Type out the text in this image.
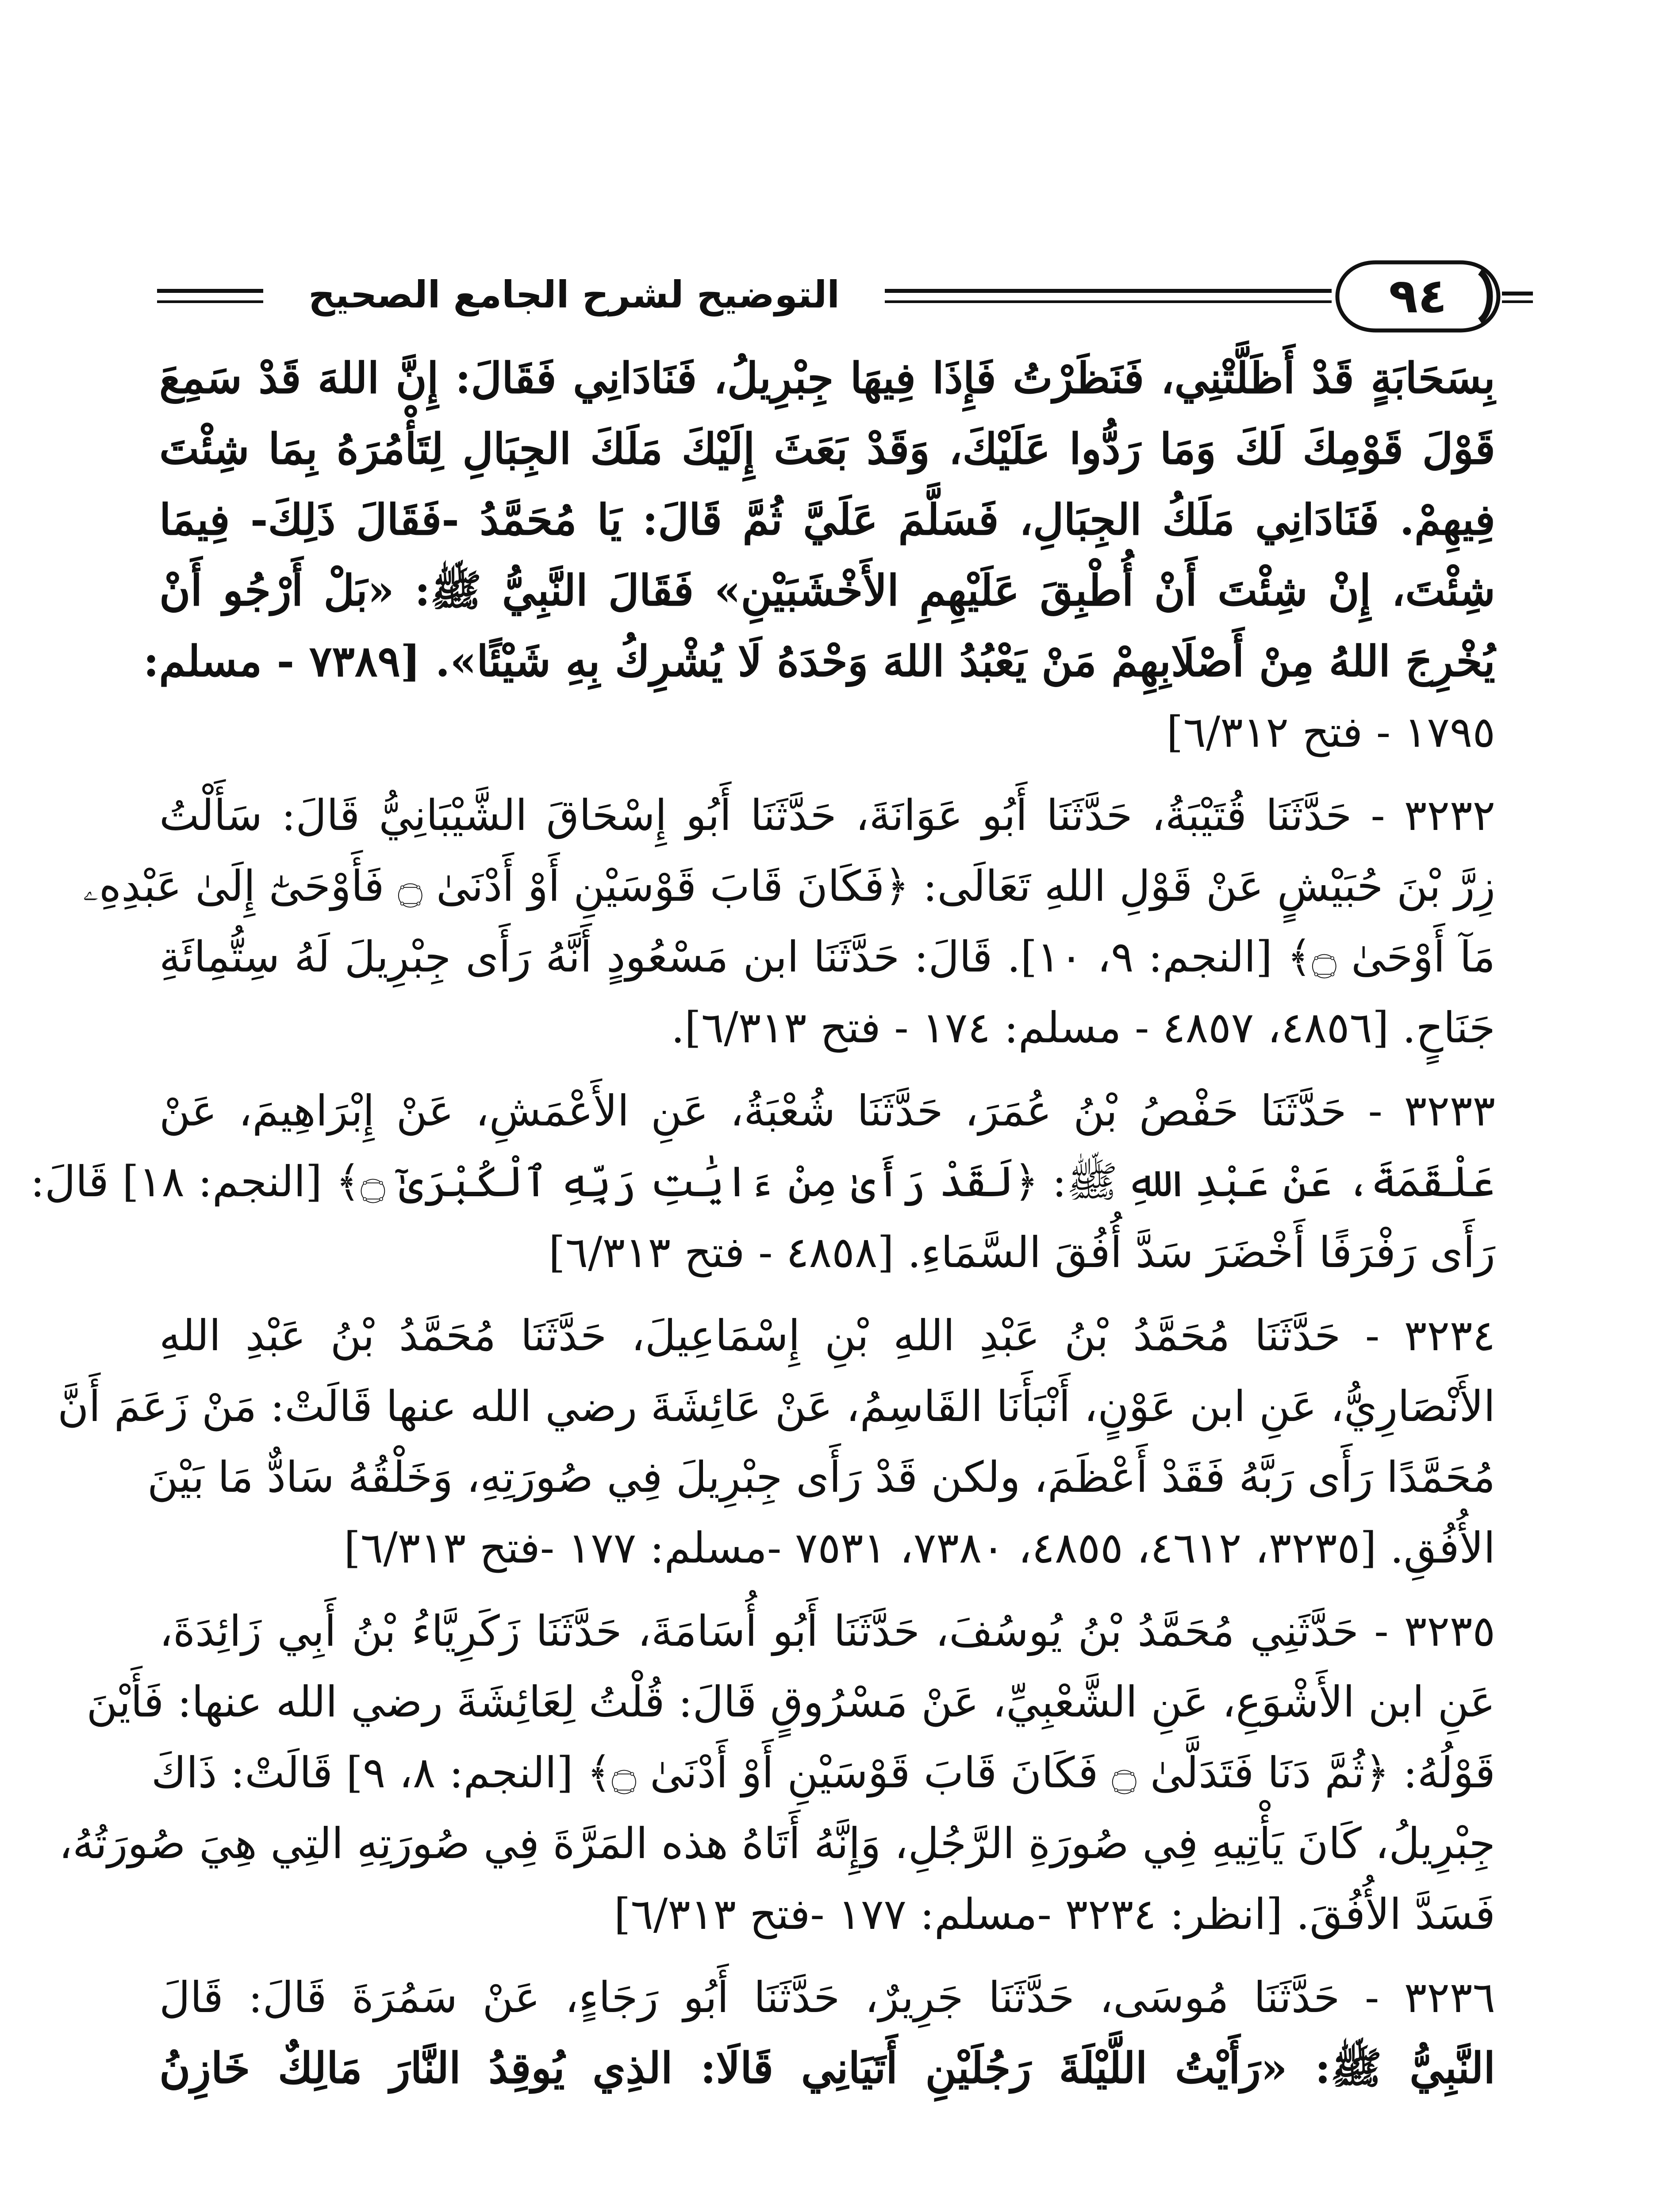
التوضيح لشرح الجامع الصحيح	٩٤
بِسَحَابَةٍ قَدْ أَظَلَّتْنِي، فَنَظَرْتُ فَإِذَا فِيهَا جِبْرِيلُ، فَنَادَانِي فَقَالَ: إِنَّ اللهَ قَدْ سَمِعَ
قَوْلَ قَوْمِكَ لَكَ وَمَا رَدُّوا عَلَيْكَ، وَقَدْ بَعَثَ إِلَيْكَ مَلَكَ الجِبَالِ لِتَأْمُرَهُ بِمَا شِئْتَ
فِيهِمْ. فَنَادَانِي مَلَكُ الجِبَالِ، فَسَلَّمَ عَلَيَّ ثُمَّ قَالَ: يَا مُحَمَّدُ -فَقَالَ ذَلِكَ- فِيمَا
شِئْتَ، إِنْ شِئْتَ أَنْ أُطْبِقَ عَلَيْهِمِ الأَخْشَبَيْنِ» فَقَالَ النَّبِيُّ ﷺ: «بَلْ أَرْجُو أَنْ
يُخْرِجَ اللهُ مِنْ أَصْلَابِهِمْ مَنْ يَعْبُدُ اللهَ وَحْدَهُ لَا يُشْرِكُ بِهِ شَيْئًا». [٧٣٨٩ - مسلم:
١٧٩٥ - فتح ٦/٣١٢]
٣٢٣٢ - حَدَّثَنَا قُتَيْبَةُ، حَدَّثَنَا أَبُو عَوَانَةَ، حَدَّثَنَا أَبُو إِسْحَاقَ الشَّيْبَانِيُّ قَالَ: سَأَلْتُ
زِرَّ بْنَ حُبَيْشٍ عَنْ قَوْلِ اللهِ تَعَالَى: ﴿فَكَانَ قَابَ قَوْسَيْنِ أَوْ أَدْنَىٰ ۝ فَأَوْحَىٰٓ إِلَىٰ عَبْدِهِۦ
مَآ أَوْحَىٰ ۝﴾ [النجم: ٩، ١٠]. قَالَ: حَدَّثَنَا ابن مَسْعُودٍ أَنَّهُ رَأَى جِبْرِيلَ لَهُ سِتُّمِائَةِ
جَنَاحٍ. [٤٨٥٦، ٤٨٥٧ - مسلم: ١٧٤ - فتح ٦/٣١٣].
٣٢٣٣ - حَدَّثَنَا حَفْصُ بْنُ عُمَرَ، حَدَّثَنَا شُعْبَةُ، عَنِ الأَعْمَشِ، عَنْ إِبْرَاهِيمَ، عَنْ
عَلْقَمَةَ، عَنْ عَبْدِ اللهِ ﷺ: ﴿لَقَدْ رَأَىٰ مِنْ ءَايَٰتِ رَبِّهِ ٱلْكُبْرَىٰٓ ۝﴾ [النجم: ١٨] قَالَ:
رَأَى رَفْرَفًا أَخْضَرَ سَدَّ أُفُقَ السَّمَاءِ. [٤٨٥٨ - فتح ٦/٣١٣]
٣٢٣٤ - حَدَّثَنَا مُحَمَّدُ بْنُ عَبْدِ اللهِ بْنِ إِسْمَاعِيلَ، حَدَّثَنَا مُحَمَّدُ بْنُ عَبْدِ اللهِ
الأَنْصَارِيُّ، عَنِ ابن عَوْنٍ، أَنْبَأَنَا القَاسِمُ، عَنْ عَائِشَةَ رضي الله عنها قَالَتْ: مَنْ زَعَمَ أَنَّ
مُحَمَّدًا رَأَى رَبَّهُ فَقَدْ أَعْظَمَ، ولكن قَدْ رَأَى جِبْرِيلَ فِي صُورَتِهِ، وَخَلْقُهُ سَادٌّ مَا بَيْنَ
الأُفُقِ. [٣٢٣٥، ٤٦١٢، ٤٨٥٥، ٧٣٨٠، ٧٥٣١ -مسلم: ١٧٧ -فتح ٦/٣١٣]
٣٢٣٥ - حَدَّثَنِي مُحَمَّدُ بْنُ يُوسُفَ، حَدَّثَنَا أَبُو أُسَامَةَ، حَدَّثَنَا زَكَرِيَّاءُ بْنُ أَبِي زَائِدَةَ،
عَنِ ابن الأَشْوَعِ، عَنِ الشَّعْبِيِّ، عَنْ مَسْرُوقٍ قَالَ: قُلْتُ لِعَائِشَةَ رضي الله عنها: فَأَيْنَ
قَوْلُهُ: ﴿ثُمَّ دَنَا فَتَدَلَّىٰ ۝ فَكَانَ قَابَ قَوْسَيْنِ أَوْ أَدْنَىٰ ۝﴾ [النجم: ٨، ٩] قَالَتْ: ذَاكَ
جِبْرِيلُ، كَانَ يَأْتِيهِ فِي صُورَةِ الرَّجُلِ، وَإِنَّهُ أَتَاهُ هذه المَرَّةَ فِي صُورَتِهِ التِي هِيَ صُورَتُهُ،
فَسَدَّ الأُفُقَ. [انظر: ٣٢٣٤ -مسلم: ١٧٧ -فتح ٦/٣١٣]
٣٢٣٦ - حَدَّثَنَا مُوسَى، حَدَّثَنَا جَرِيرٌ، حَدَّثَنَا أَبُو رَجَاءٍ، عَنْ سَمُرَةَ قَالَ: قَالَ
النَّبِيُّ ﷺ: «رَأَيْتُ اللَّيْلَةَ رَجُلَيْنِ أَتَيَانِي قَالَا: الذِي يُوقِدُ النَّارَ مَالِكٌ خَازِنُ
